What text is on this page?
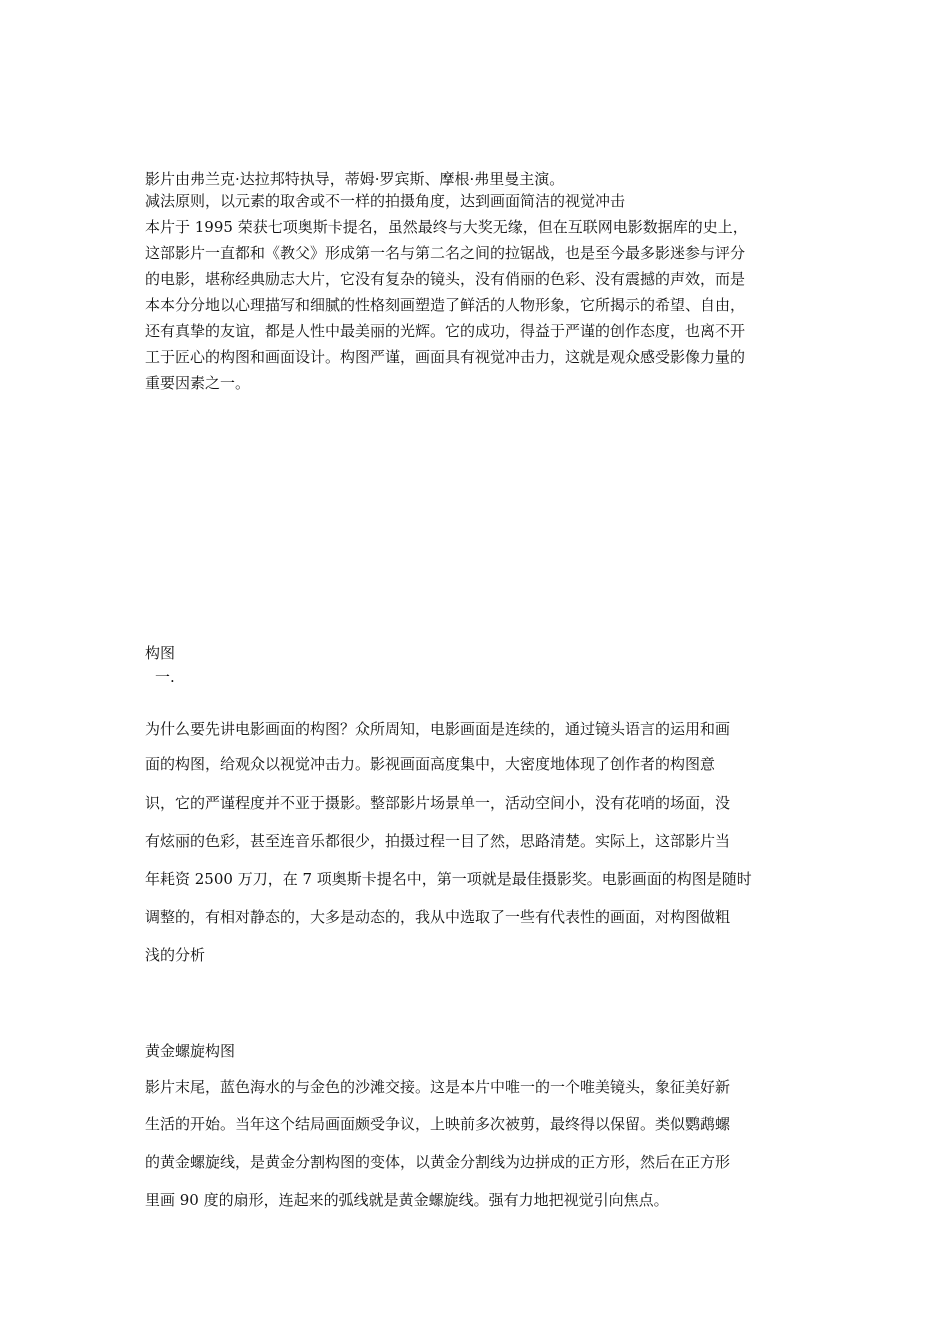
影片由弗兰克·达拉邦特执导，蒂姆·罗宾斯、摩根·弗里曼主演。
减法原则，以元素的取舍或不一样的拍摄角度，达到画面简洁的视觉冲击
本片于 1995 荣获七项奥斯卡提名，虽然最终与大奖无缘，但在互联网电影数据库的史上，
这部影片一直都和《教父》形成第一名与第二名之间的拉锯战，也是至今最多影迷参与评分
的电影，堪称经典励志大片，它没有复杂的镜头，没有俏丽的色彩、没有震撼的声效，而是
本本分分地以心理描写和细腻的性格刻画塑造了鲜活的人物形象，它所揭示的希望、自由，
还有真挚的友谊，都是人性中最美丽的光辉。它的成功，得益于严谨的创作态度，也离不开
工于匠心的构图和画面设计。构图严谨，画面具有视觉冲击力，这就是观众感受影像力量的
重要因素之一。
构图
一.
为什么要先讲电影画面的构图？众所周知，电影画面是连续的，通过镜头语言的运用和画
面的构图，给观众以视觉冲击力。影视画面高度集中，大密度地体现了创作者的构图意
识，它的严谨程度并不亚于摄影。整部影片场景单一，活动空间小，没有花哨的场面，没
有炫丽的色彩，甚至连音乐都很少，拍摄过程一目了然，思路清楚。实际上，这部影片当
年耗资 2500 万刀，在 7 项奥斯卡提名中，第一项就是最佳摄影奖。电影画面的构图是随时
调整的，有相对静态的，大多是动态的，我从中选取了一些有代表性的画面，对构图做粗
浅的分析
黄金螺旋构图
影片末尾，蓝色海水的与金色的沙滩交接。这是本片中唯一的一个唯美镜头，象征美好新
生活的开始。当年这个结局画面颇受争议，上映前多次被剪，最终得以保留。类似鹦鹉螺
的黄金螺旋线，是黄金分割构图的变体，以黄金分割线为边拼成的正方形，然后在正方形
里画 90 度的扇形，连起来的弧线就是黄金螺旋线。强有力地把视觉引向焦点。
